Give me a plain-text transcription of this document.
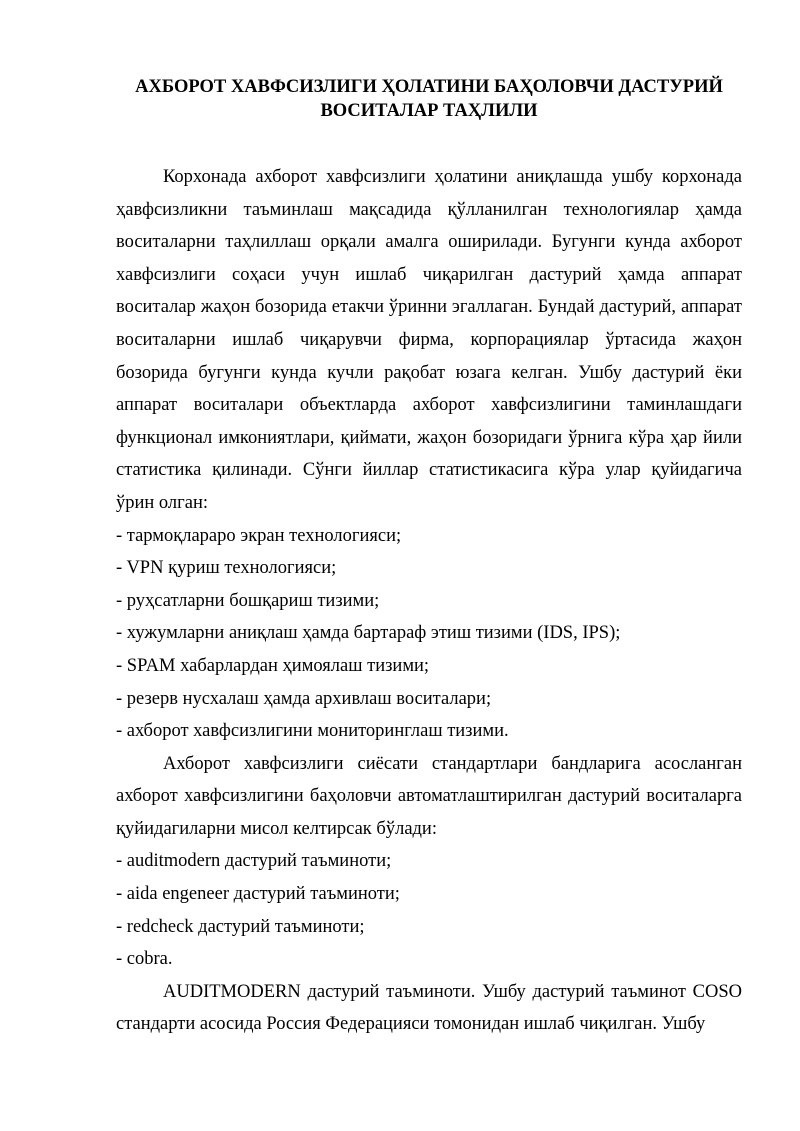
АХБОРОТ ХАВФСИЗЛИГИ ҲОЛАТИНИ БАҲОЛОВЧИ ДАСТУРИЙ
ВОСИТАЛАР ТАҲЛИЛИ

Корхонада ахборот хавфсизлиги ҳолатини аниқлашда ушбу корхонада ҳавфсизликни таъминлаш мақсадида қўлланилган технологиялар ҳамда воситаларни таҳлиллаш орқали амалга оширилади. Бугунги кунда ахборот хавфсизлиги соҳаси учун ишлаб чиқарилган дастурий ҳамда аппарат воситалар жаҳон бозорида етакчи ўринни эгаллаган. Бундай дастурий, аппарат воситаларни ишлаб чиқарувчи фирма, корпорациялар ўртасида жаҳон бозорида бугунги кунда кучли рақобат юзага келган. Ушбу дастурий ёки аппарат воситалари объектларда ахборот хавфсизлигини таминлашдаги функционал имкониятлари, қиймати, жаҳон бозоридаги ўрнига кўра ҳар йили статистика қилинади. Сўнги йиллар статистикасига кўра улар қуйидагича ўрин олган:

- тармоқлараро экран технологияси;

- VPN қуриш технологияси;

- руҳсатларни бошқариш тизими;

- хужумларни аниқлаш ҳамда бартараф этиш тизими (IDS, IPS);

- SPAM хабарлардан ҳимоялаш тизими;

- резерв нусхалаш ҳамда архивлаш воситалари;

- ахборот хавфсизлигини мониторинглаш тизими.

Ахборот хавфсизлиги сиёсати стандартлари бандларига асосланган ахборот хавфсизлигини баҳоловчи автоматлаштирилган дастурий воситаларга қуйидагиларни мисол келтирсак бўлади:

- auditmodern дастурий таъминоти;

- aida engeneer дастурий таъминоти;

- redcheck дастурий таъминоти;

- cobra.

AUDITMODERN дастурий таъминоти. Ушбу дастурий таъминот COSO стандарти асосида Россия Федерацияси томонидан ишлаб чиқилган. Ушбу
